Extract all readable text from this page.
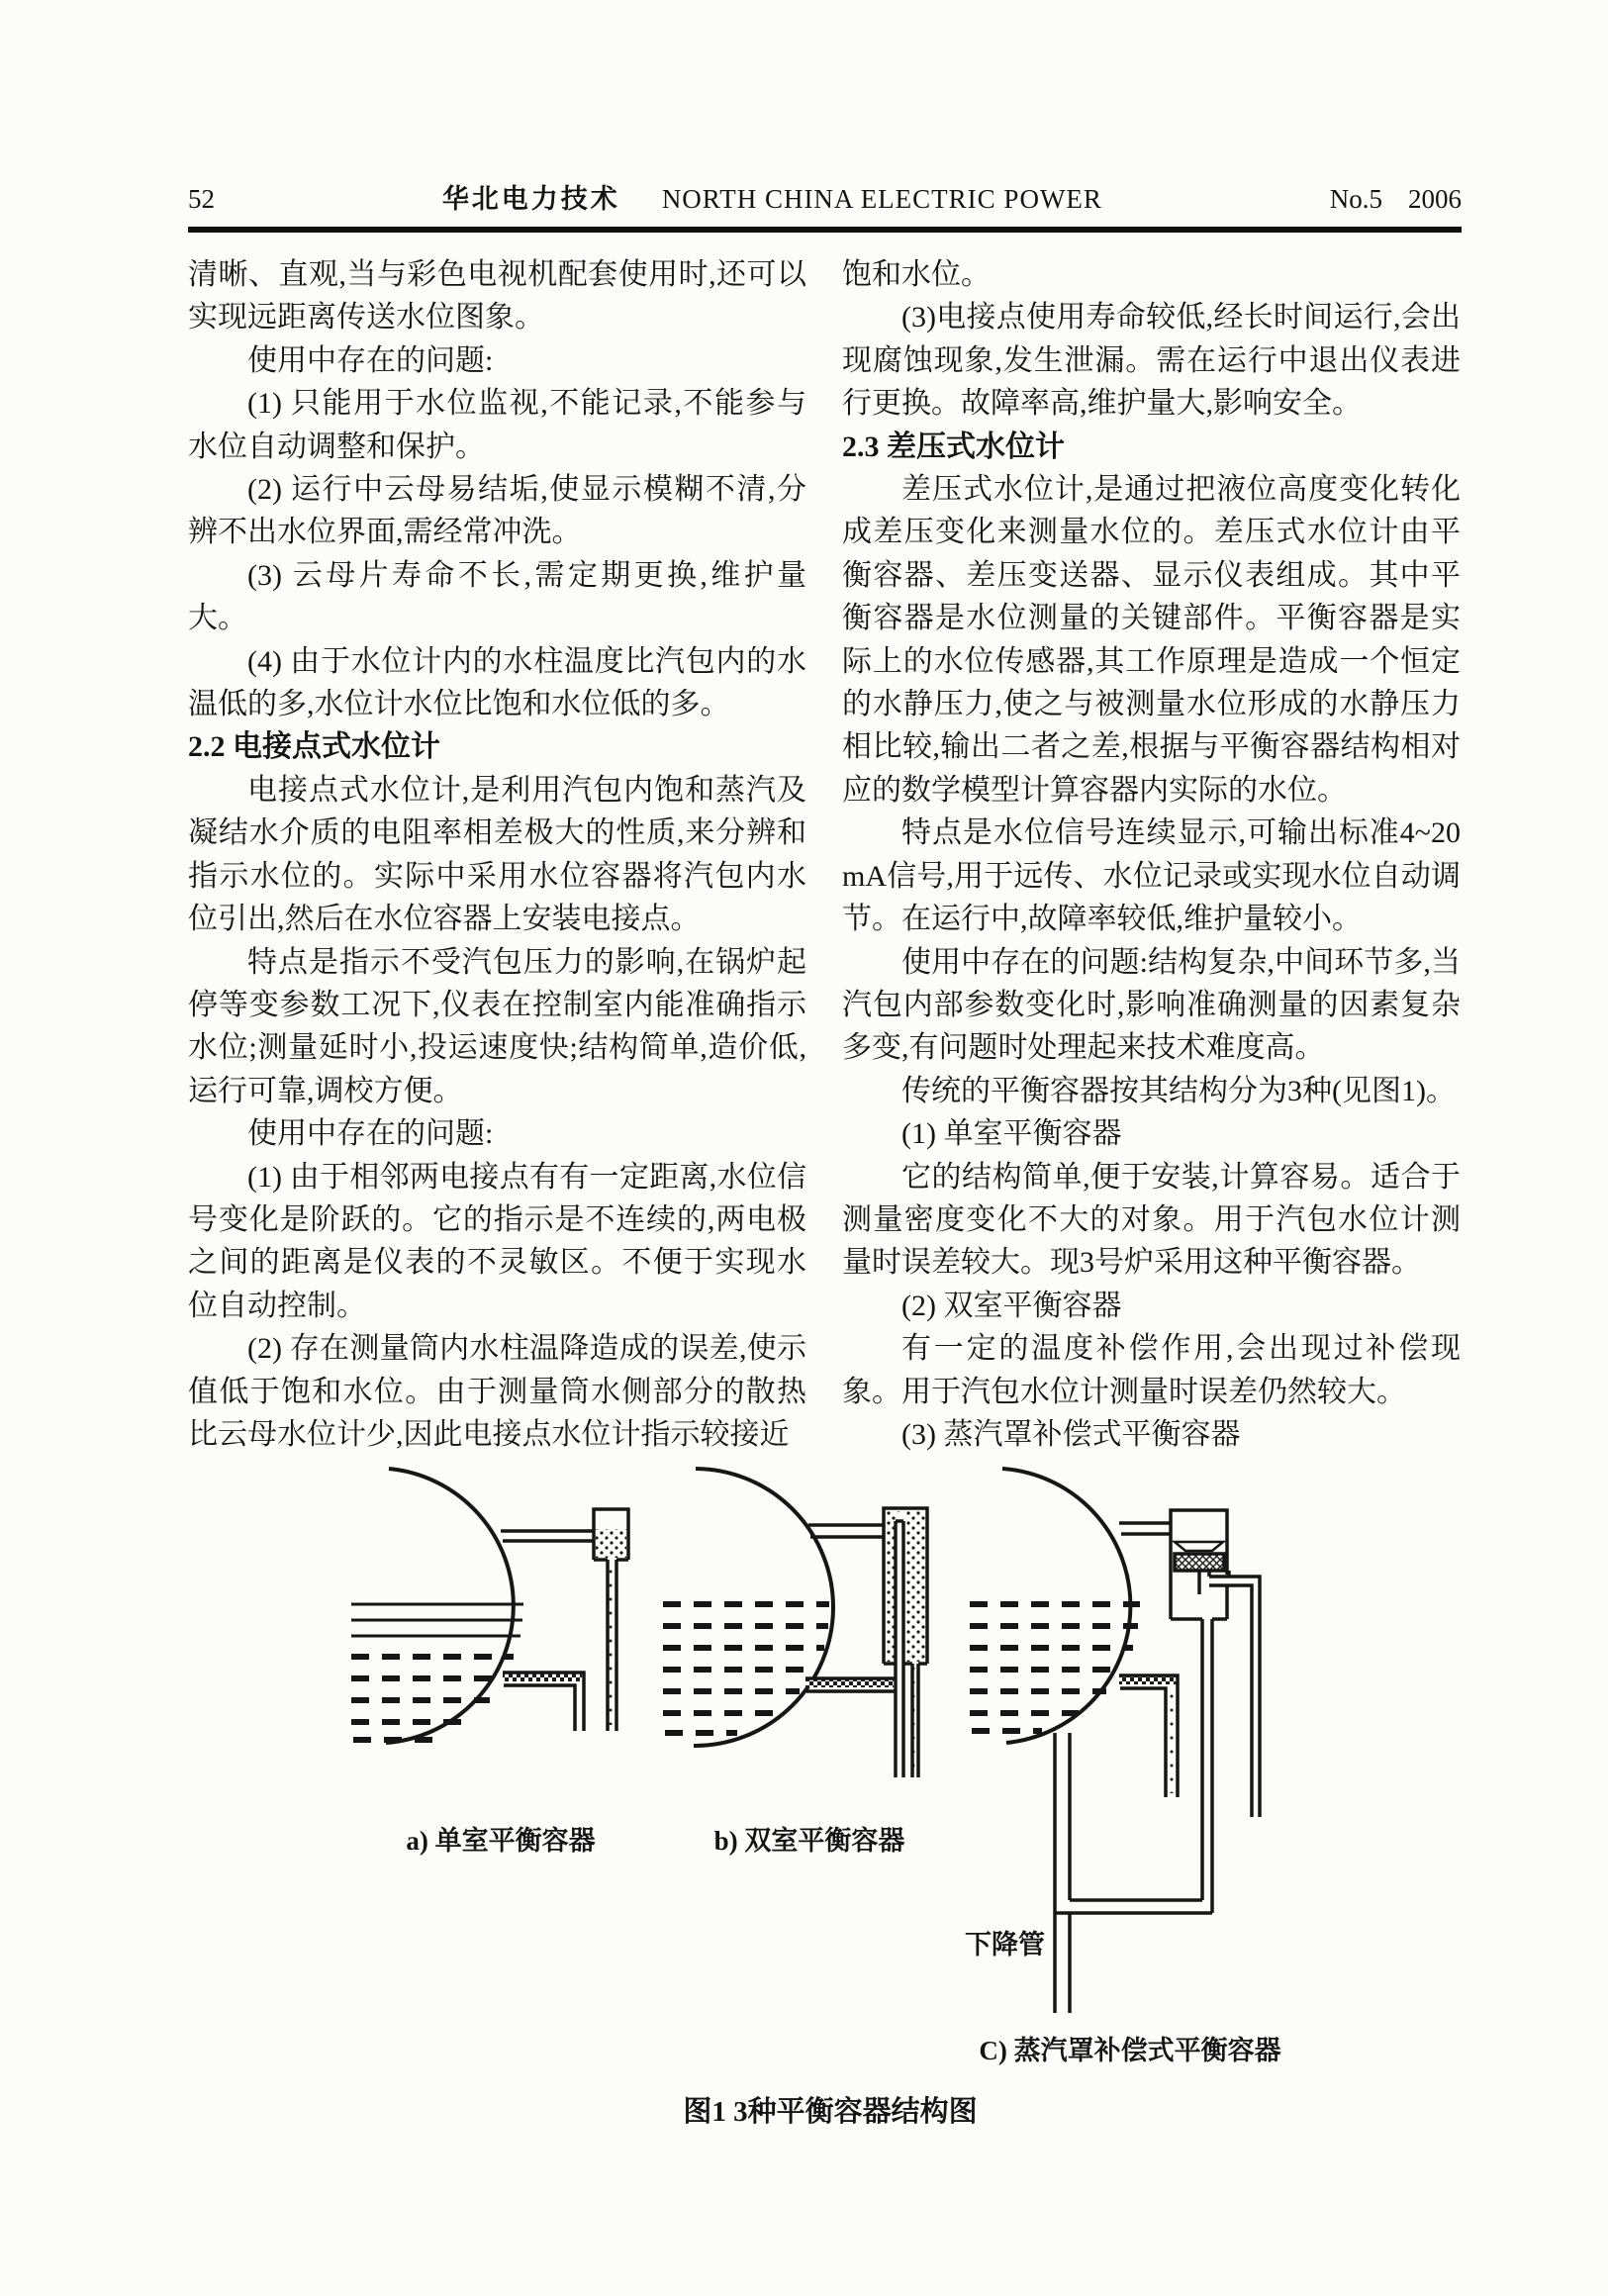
52	华北电力技术 NORTH CHINA ELECTRIC POWER	No.5 2006

清晰、直观,当与彩色电视机配套使用时,还可以实现远距离传送水位图象。

使用中存在的问题:

(1) 只能用于水位监视,不能记录,不能参与水位自动调整和保护。

(2) 运行中云母易结垢,使显示模糊不清,分辨不出水位界面,需经常冲洗。

(3) 云母片寿命不长,需定期更换,维护量大。

(4) 由于水位计内的水柱温度比汽包内的水温低的多,水位计水位比饱和水位低的多。

2.2 电接点式水位计

电接点式水位计,是利用汽包内饱和蒸汽及凝结水介质的电阻率相差极大的性质,来分辨和指示水位的。实际中采用水位容器将汽包内水位引出,然后在水位容器上安装电接点。

特点是指示不受汽包压力的影响,在锅炉起停等变参数工况下,仪表在控制室内能准确指示水位;测量延时小,投运速度快;结构简单,造价低,运行可靠,调校方便。

使用中存在的问题:

(1) 由于相邻两电接点有有一定距离,水位信号变化是阶跃的。它的指示是不连续的,两电极之间的距离是仪表的不灵敏区。不便于实现水位自动控制。

(2) 存在测量筒内水柱温降造成的误差,使示值低于饱和水位。由于测量筒水侧部分的散热比云母水位计少,因此电接点水位计指示较接近

饱和水位。

(3)电接点使用寿命较低,经长时间运行,会出现腐蚀现象,发生泄漏。需在运行中退出仪表进行更换。故障率高,维护量大,影响安全。

2.3 差压式水位计

差压式水位计,是通过把液位高度变化转化成差压变化来测量水位的。差压式水位计由平衡容器、差压变送器、显示仪表组成。其中平衡容器是水位测量的关键部件。平衡容器是实际上的水位传感器,其工作原理是造成一个恒定的水静压力,使之与被测量水位形成的水静压力相比较,输出二者之差,根据与平衡容器结构相对应的数学模型计算容器内实际的水位。

特点是水位信号连续显示,可输出标准4~20 mA信号,用于远传、水位记录或实现水位自动调节。在运行中,故障率较低,维护量较小。

使用中存在的问题:结构复杂,中间环节多,当汽包内部参数变化时,影响准确测量的因素复杂多变,有问题时处理起来技术难度高。

传统的平衡容器按其结构分为3种(见图1)。

(1) 单室平衡容器

它的结构简单,便于安装,计算容易。适合于测量密度变化不大的对象。用于汽包水位计测量时误差较大。现3号炉采用这种平衡容器。

(2) 双室平衡容器

有一定的温度补偿作用,会出现过补偿现象。用于汽包水位计测量时误差仍然较大。

(3) 蒸汽罩补偿式平衡容器

a) 单室平衡容器	b) 双室平衡容器
下降管
C) 蒸汽罩补偿式平衡容器
图1 3种平衡容器结构图
